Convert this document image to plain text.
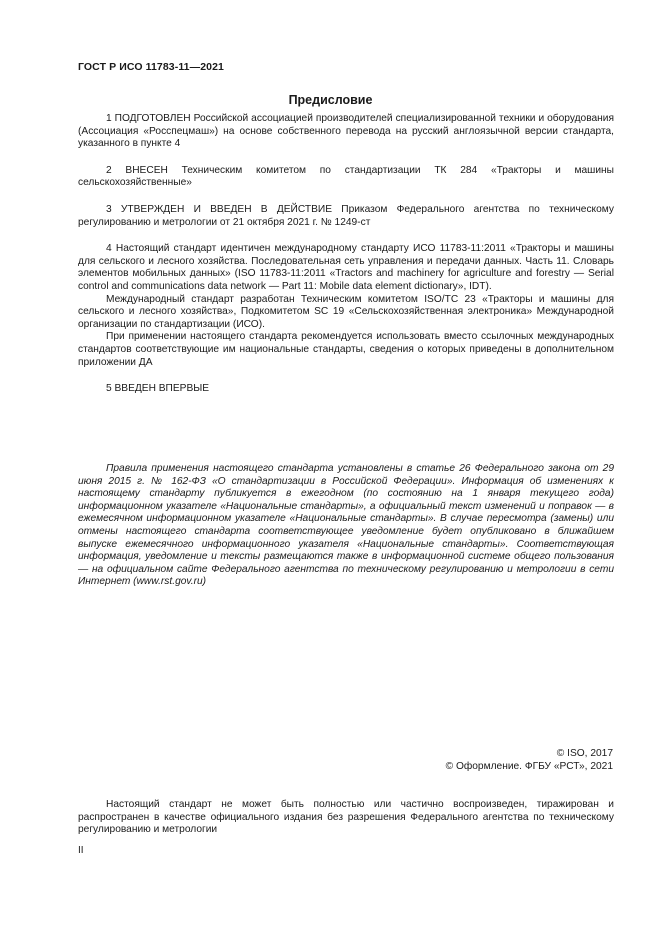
ГОСТ Р ИСО 11783-11—2021
Предисловие

1 ПОДГОТОВЛЕН Российской ассоциацией производителей специализированной техники и оборудования (Ассоциация «Росспецмаш») на основе собственного перевода на русский англоязычной версии стандарта, указанного в пункте 4

2 ВНЕСЕН Техническим комитетом по стандартизации ТК 284 «Тракторы и машины сельскохозяйственные»

3 УТВЕРЖДЕН И ВВЕДЕН В ДЕЙСТВИЕ Приказом Федерального агентства по техническому регулированию и метрологии от 21 октября 2021 г. № 1249-ст

4 Настоящий стандарт идентичен международному стандарту ИСО 11783-11:2011 «Тракторы и машины для сельского и лесного хозяйства. Последовательная сеть управления и передачи данных. Часть 11. Словарь элементов мобильных данных» (ISO 11783-11:2011 «Tractors and machinery for agriculture and forestry — Serial control and communications data network — Part 11: Mobile data element dictionary», IDT).

Международный стандарт разработан Техническим комитетом ISO/TC 23 «Тракторы и машины для сельского и лесного хозяйства», Подкомитетом SC 19 «Сельскохозяйственная электроника» Международной организации по стандартизации (ИСО).

При применении настоящего стандарта рекомендуется использовать вместо ссылочных международных стандартов соответствующие им национальные стандарты, сведения о которых приведены в дополнительном приложении ДА

5 ВВЕДЕН ВПЕРВЫЕ

Правила применения настоящего стандарта установлены в статье 26 Федерального закона от 29 июня 2015 г. № 162-ФЗ «О стандартизации в Российской Федерации». Информация об изменениях к настоящему стандарту публикуется в ежегодном (по состоянию на 1 января текущего года) информационном указателе «Национальные стандарты», а официальный текст изменений и поправок — в ежемесячном информационном указателе «Национальные стандарты». В случае пересмотра (замены) или отмены настоящего стандарта соответствующее уведомление будет опубликовано в ближайшем выпуске ежемесячного информационного указателя «Национальные стандарты». Соответствующая информация, уведомление и тексты размещаются также в информационной системе общего пользования — на официальном сайте Федерального агентства по техническому регулированию и метрологии в сети Интернет (www.rst.gov.ru)

© ISO, 2017
© Оформление. ФГБУ «РСТ», 2021

Настоящий стандарт не может быть полностью или частично воспроизведен, тиражирован и распространен в качестве официального издания без разрешения Федерального агентства по техническому регулированию и метрологии

II
